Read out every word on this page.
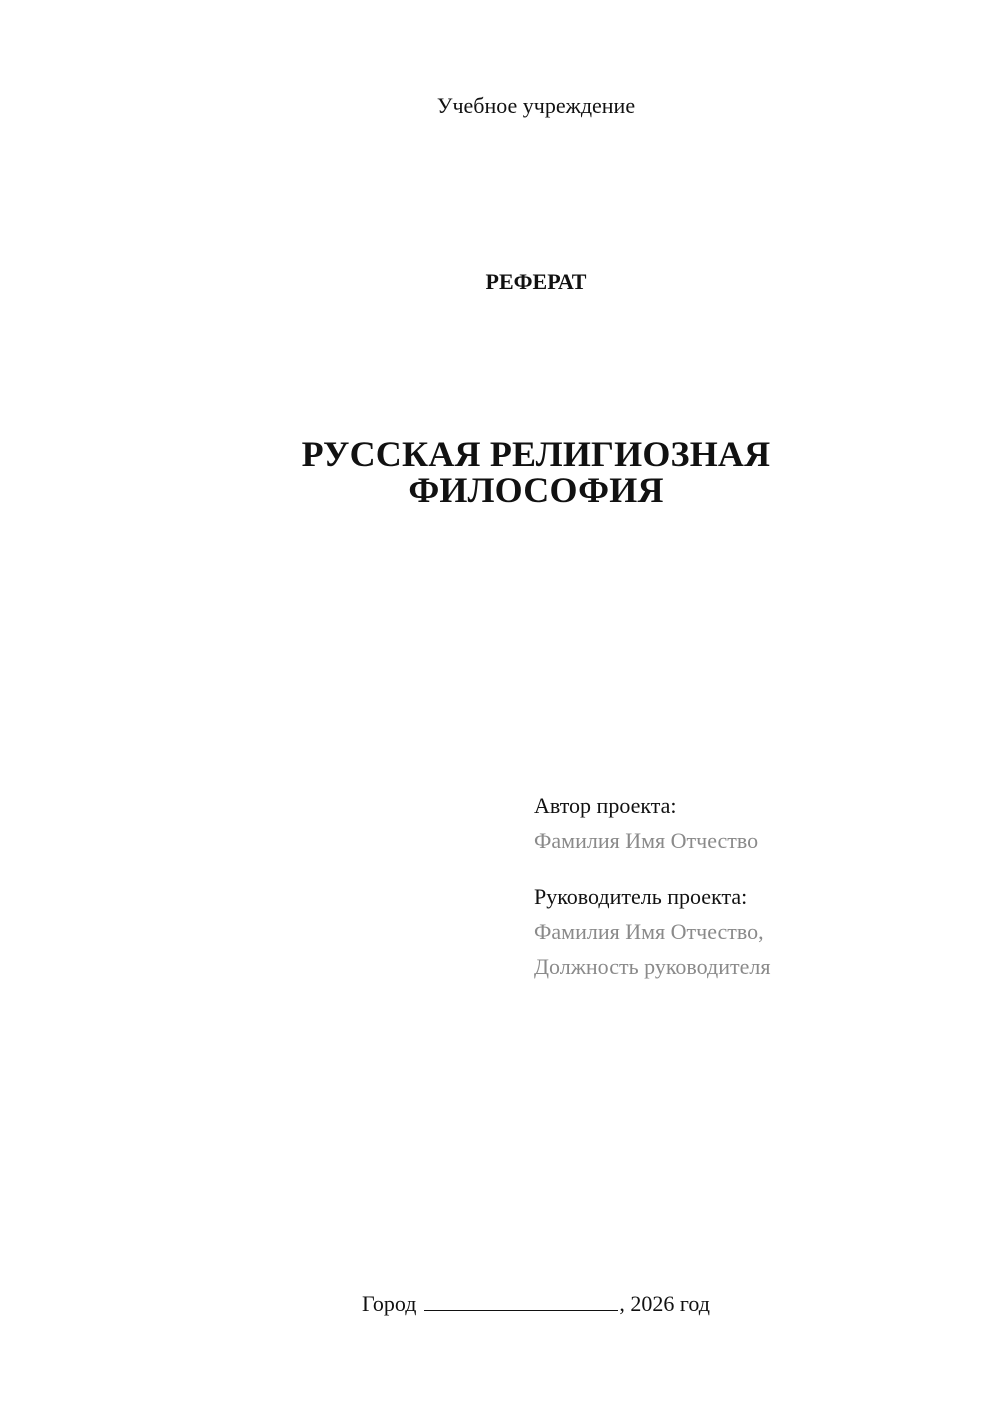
Учебное учреждение
РЕФЕРАТ
РУССКАЯ РЕЛИГИОЗНАЯ
ФИЛОСОФИЯ
Автор проекта:
Фамилия Имя Отчество
Руководитель проекта:
Фамилия Имя Отчество,
Должность руководителя
Город	, 2026 год
